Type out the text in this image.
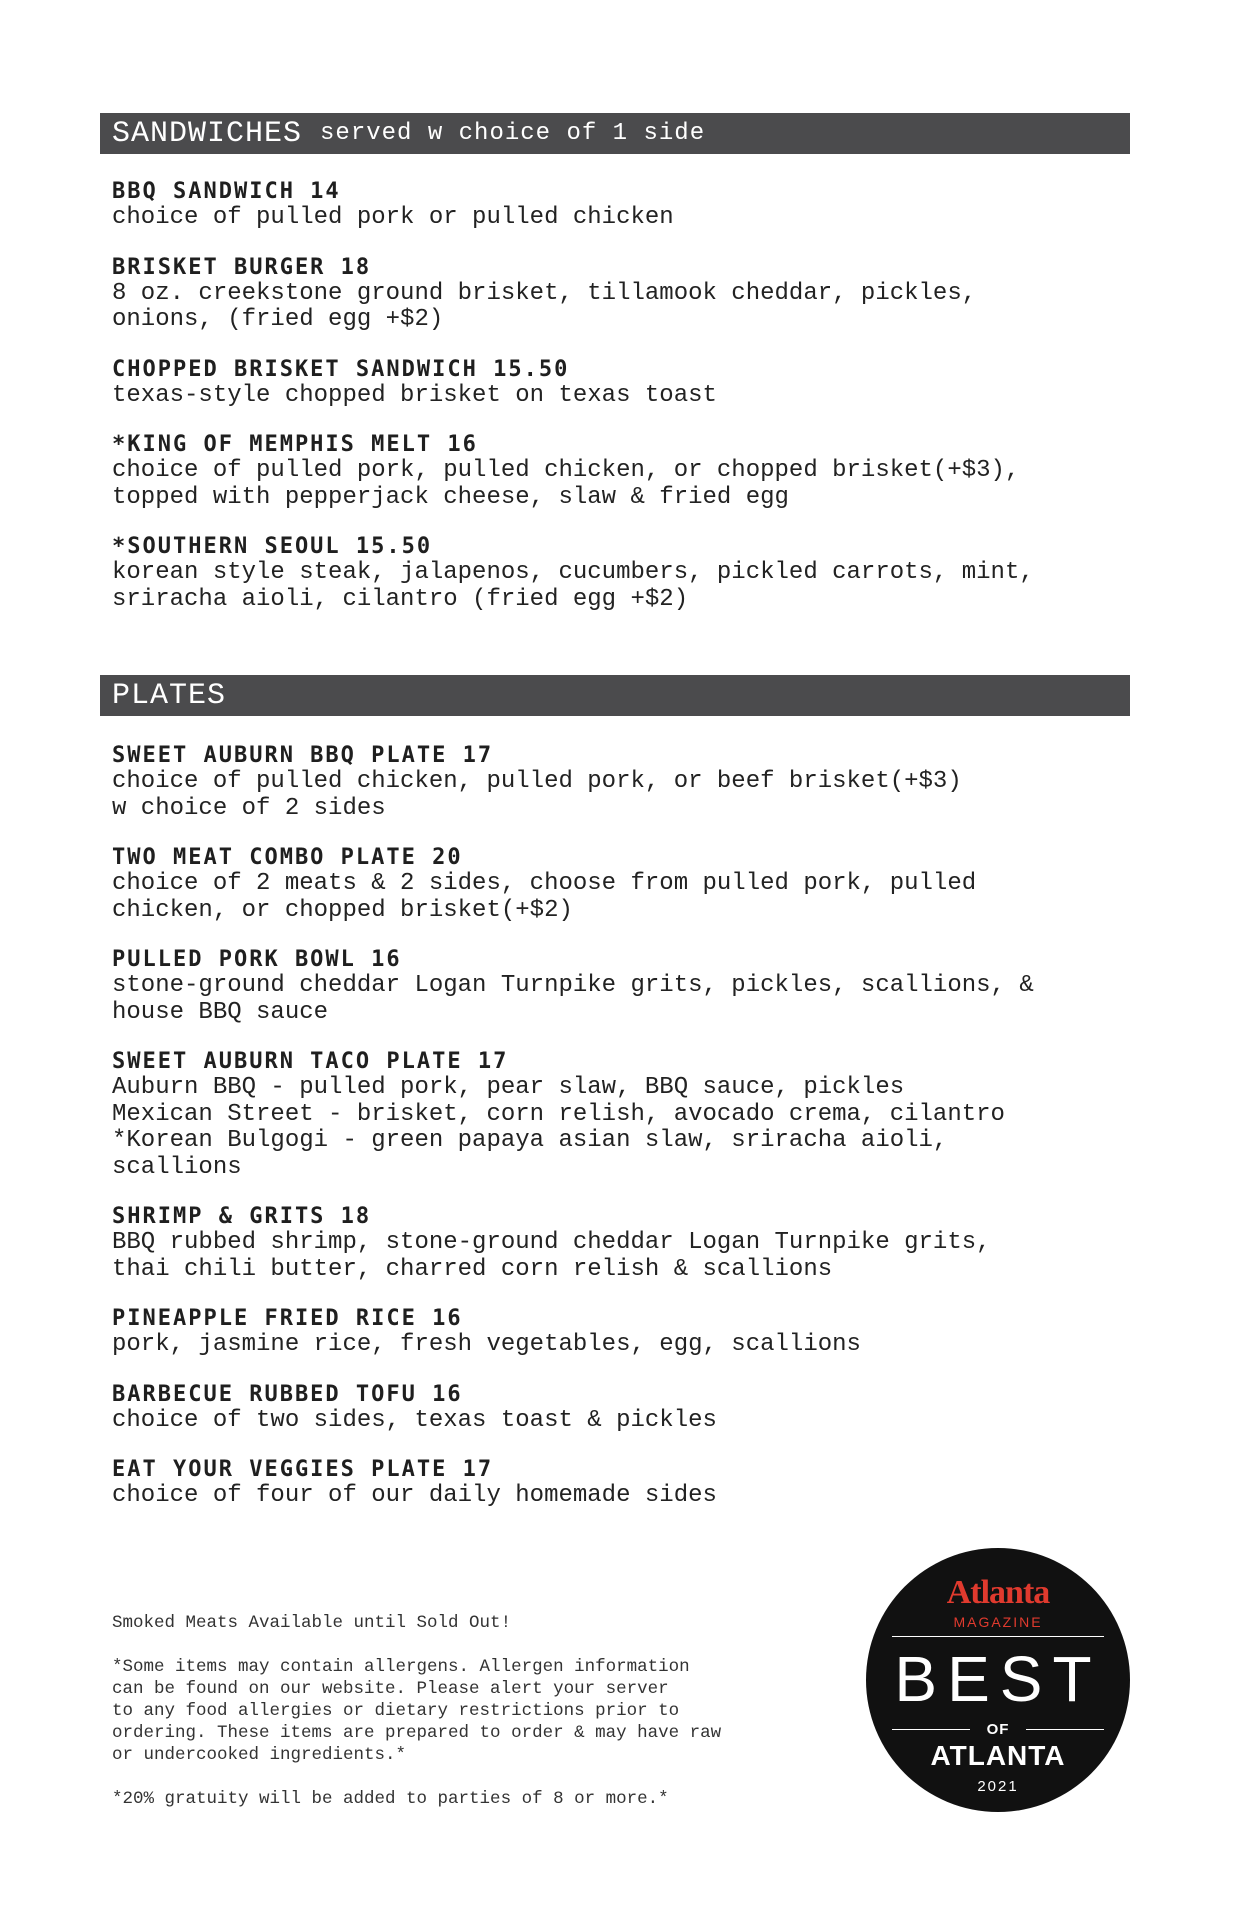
SANDWICHES served w choice of 1 side
BBQ SANDWICH 14
choice of pulled pork or pulled chicken
BRISKET BURGER 18
8 oz. creekstone ground brisket, tillamook cheddar, pickles,
onions, (fried egg +$2)
CHOPPED BRISKET SANDWICH 15.50
texas-style chopped brisket on texas toast
*KING OF MEMPHIS MELT 16
choice of pulled pork, pulled chicken, or chopped brisket(+$3),
topped with pepperjack cheese, slaw & fried egg
*SOUTHERN SEOUL 15.50
korean style steak, jalapenos, cucumbers, pickled carrots, mint,
sriracha aioli, cilantro (fried egg +$2)
PLATES
SWEET AUBURN BBQ PLATE 17
choice of pulled chicken, pulled pork, or beef brisket(+$3)
w choice of 2 sides
TWO MEAT COMBO PLATE 20
choice of 2 meats & 2 sides, choose from pulled pork, pulled
chicken, or chopped brisket(+$2)
PULLED PORK BOWL 16
stone-ground cheddar Logan Turnpike grits, pickles, scallions, &
house BBQ sauce
SWEET AUBURN TACO PLATE 17
Auburn BBQ - pulled pork, pear slaw, BBQ sauce, pickles
Mexican Street - brisket, corn relish, avocado crema, cilantro
*Korean Bulgogi - green papaya asian slaw, sriracha aioli,
scallions
SHRIMP & GRITS 18
BBQ rubbed shrimp, stone-ground cheddar Logan Turnpike grits,
thai chili butter, charred corn relish & scallions
PINEAPPLE FRIED RICE 16
pork, jasmine rice, fresh vegetables, egg, scallions
BARBECUE RUBBED TOFU 16
choice of two sides, texas toast & pickles
EAT YOUR VEGGIES PLATE 17
choice of four of our daily homemade sides
Smoked Meats Available until Sold Out!
*Some items may contain allergens. Allergen information
can be found on our website. Please alert your server
to any food allergies or dietary restrictions prior to
ordering. These items are prepared to order & may have raw
or undercooked ingredients.*
*20% gratuity will be added to parties of 8 or more.*
Atlanta
MAGAZINE
BEST
OF
ATLANTA
2021
